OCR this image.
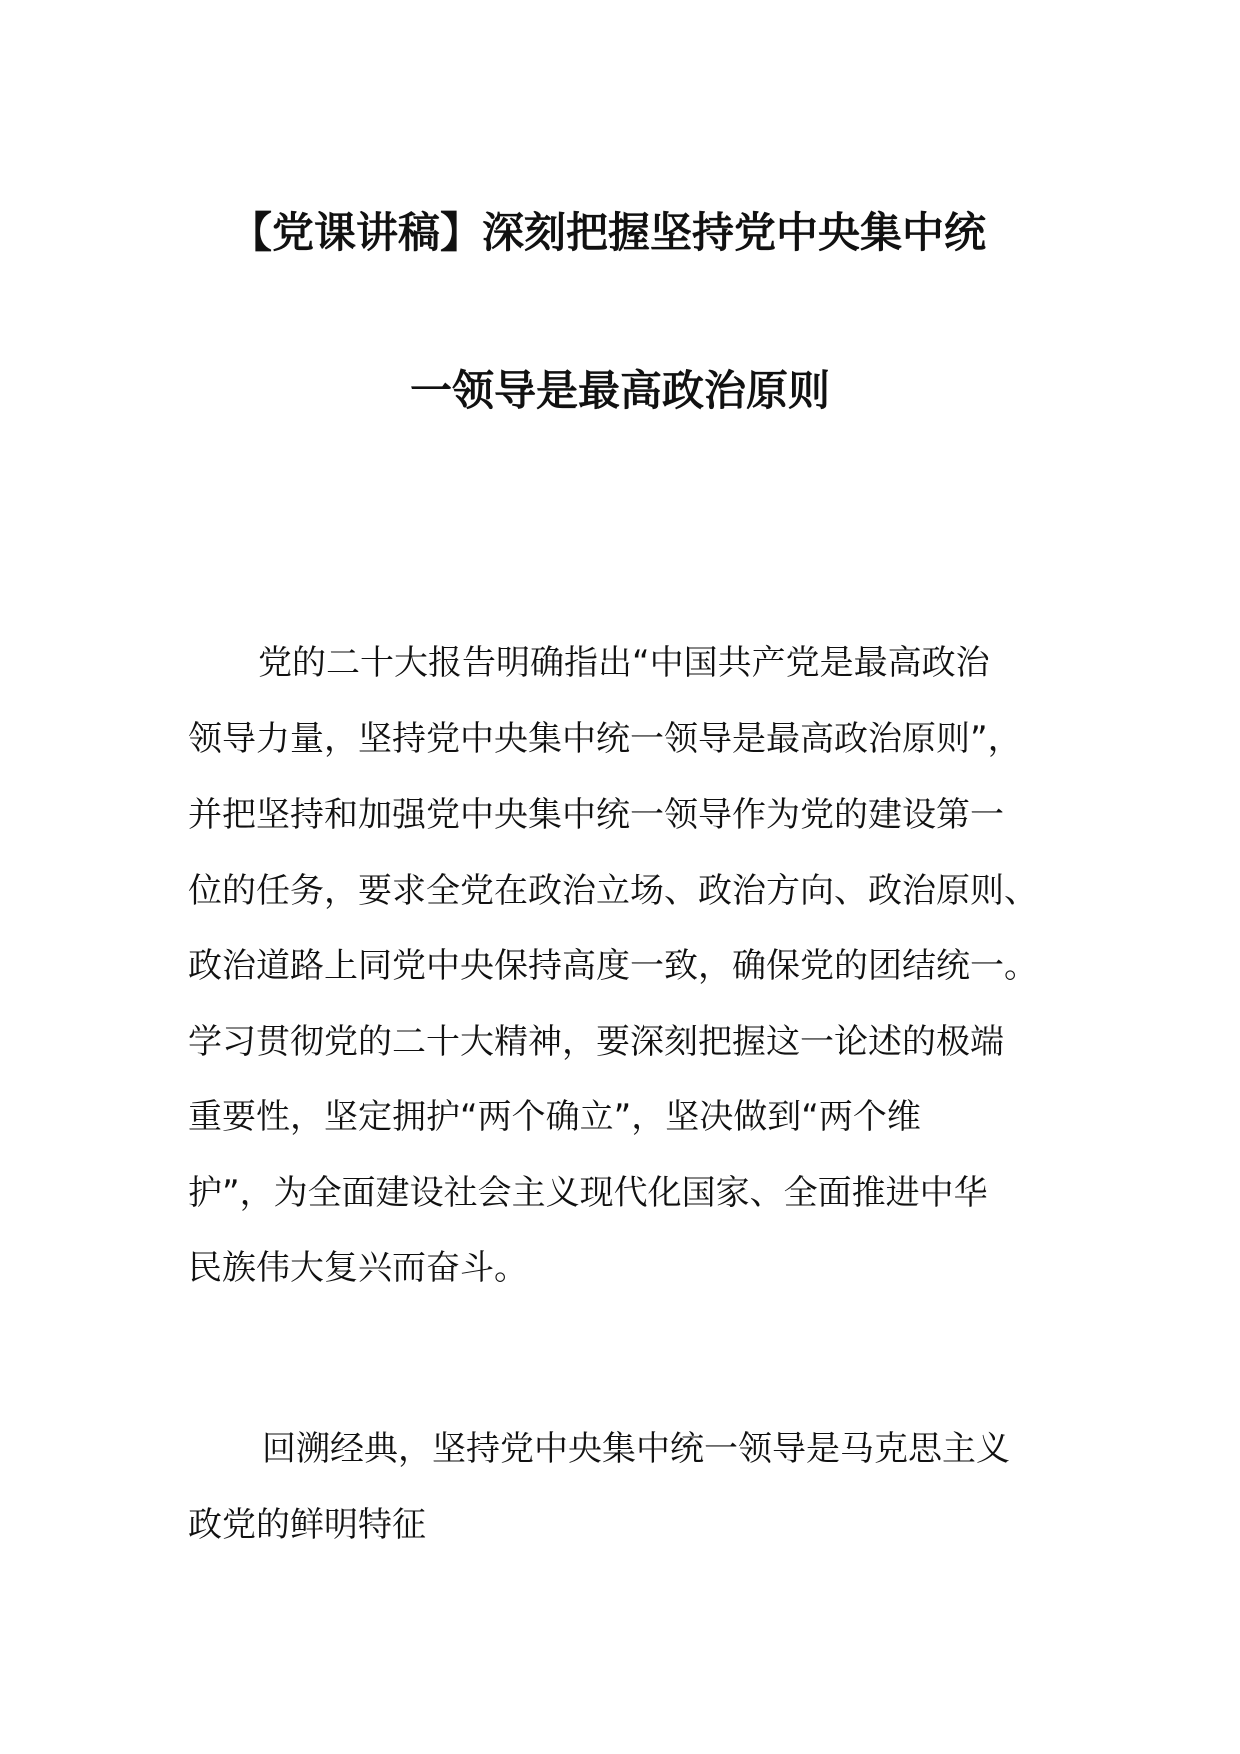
【党课讲稿】深刻把握坚持党中央集中统
一领导是最高政治原则
党的二十大报告明确指出“中国共产党是最高政治
领导力量，坚持党中央集中统一领导是最高政治原则”，
并把坚持和加强党中央集中统一领导作为党的建设第一
位的任务，要求全党在政治立场、政治方向、政治原则、
政治道路上同党中央保持高度一致，确保党的团结统一。
学习贯彻党的二十大精神，要深刻把握这一论述的极端
重要性，坚定拥护“两个确立”，坚决做到“两个维
护”，为全面建设社会主义现代化国家、全面推进中华
民族伟大复兴而奋斗。
回溯经典，坚持党中央集中统一领导是马克思主义
政党的鲜明特征
